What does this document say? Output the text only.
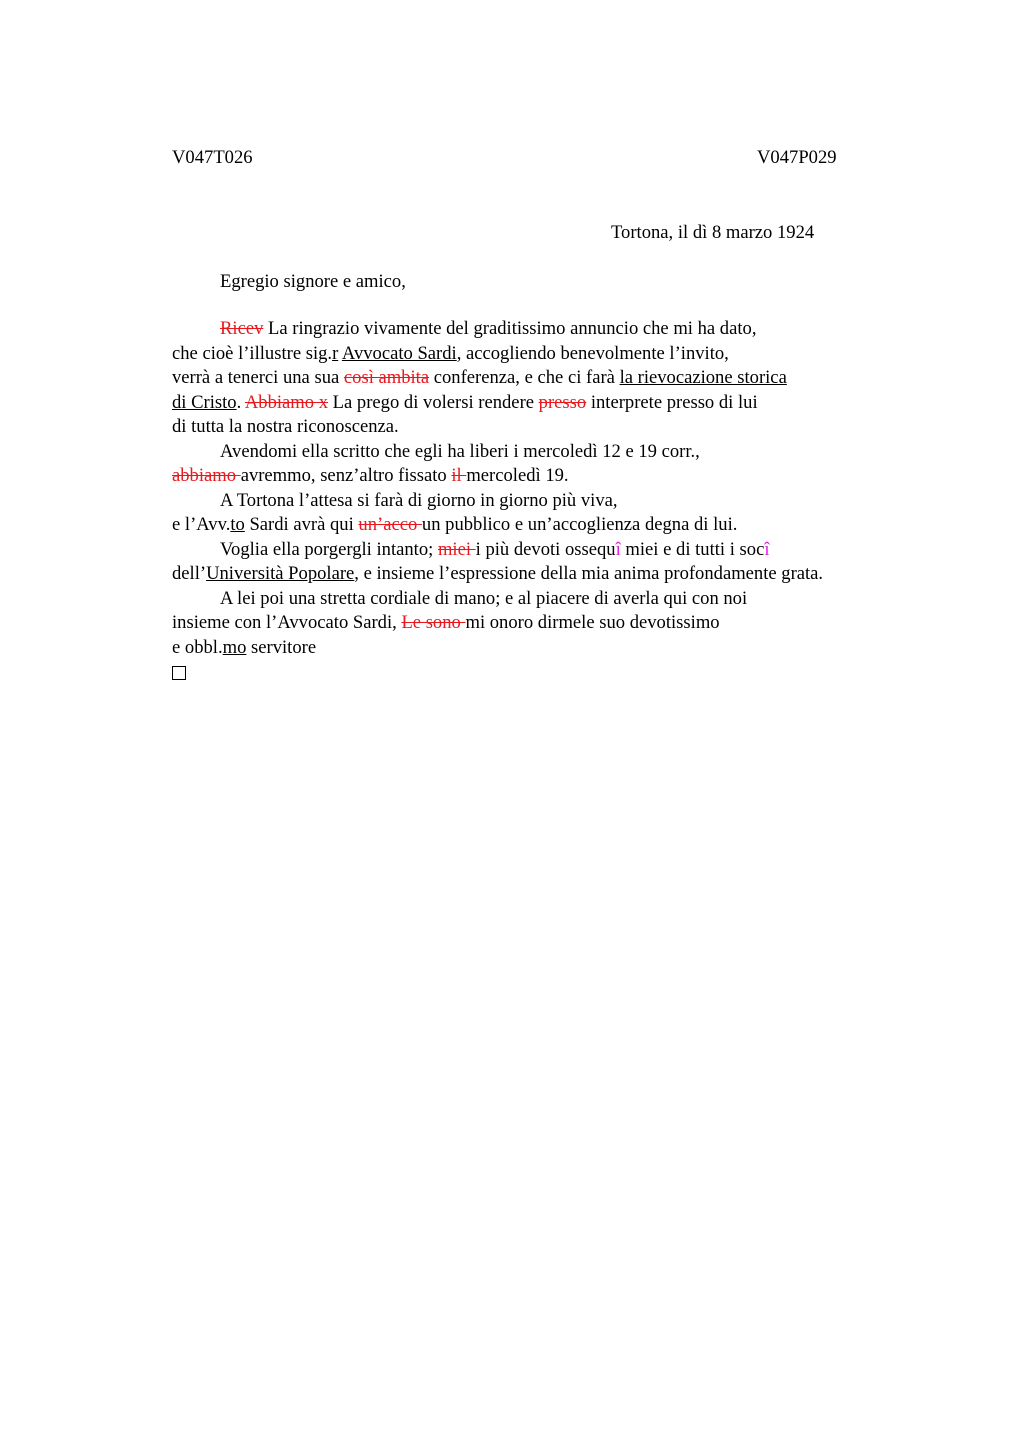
V047T026	V047P029
Tortona, il dì 8 marzo 1924
Egregio signore e amico,
Ricev La ringrazio vivamente del graditissimo annuncio che mi ha dato,
che cioè l’illustre sig.r Avvocato Sardi, accogliendo benevolmente l’invito,
verrà a tenerci una sua così ambita conferenza, e che ci farà la rievocazione storica
di Cristo. Abbiamo x La prego di volersi rendere presso interprete presso di lui
di tutta la nostra riconoscenza.
Avendomi ella scritto che egli ha liberi i mercoledì 12 e 19 corr.,
abbiamo avremmo, senz’altro fissato il mercoledì 19.
A Tortona l’attesa si farà di giorno in giorno più viva,
e l’Avv.to Sardi avrà qui un’acco un pubblico e un’accoglienza degna di lui.
Voglia ella porgergli intanto; miei i più devoti ossequî miei e di tutti i socî
dell’Università Popolare, e insieme l’espressione della mia anima profondamente grata.
A lei poi una stretta cordiale di mano; e al piacere di averla qui con noi
insieme con l’Avvocato Sardi, Le sono mi onoro dirmele suo devotissimo
e obbl.mo servitore
